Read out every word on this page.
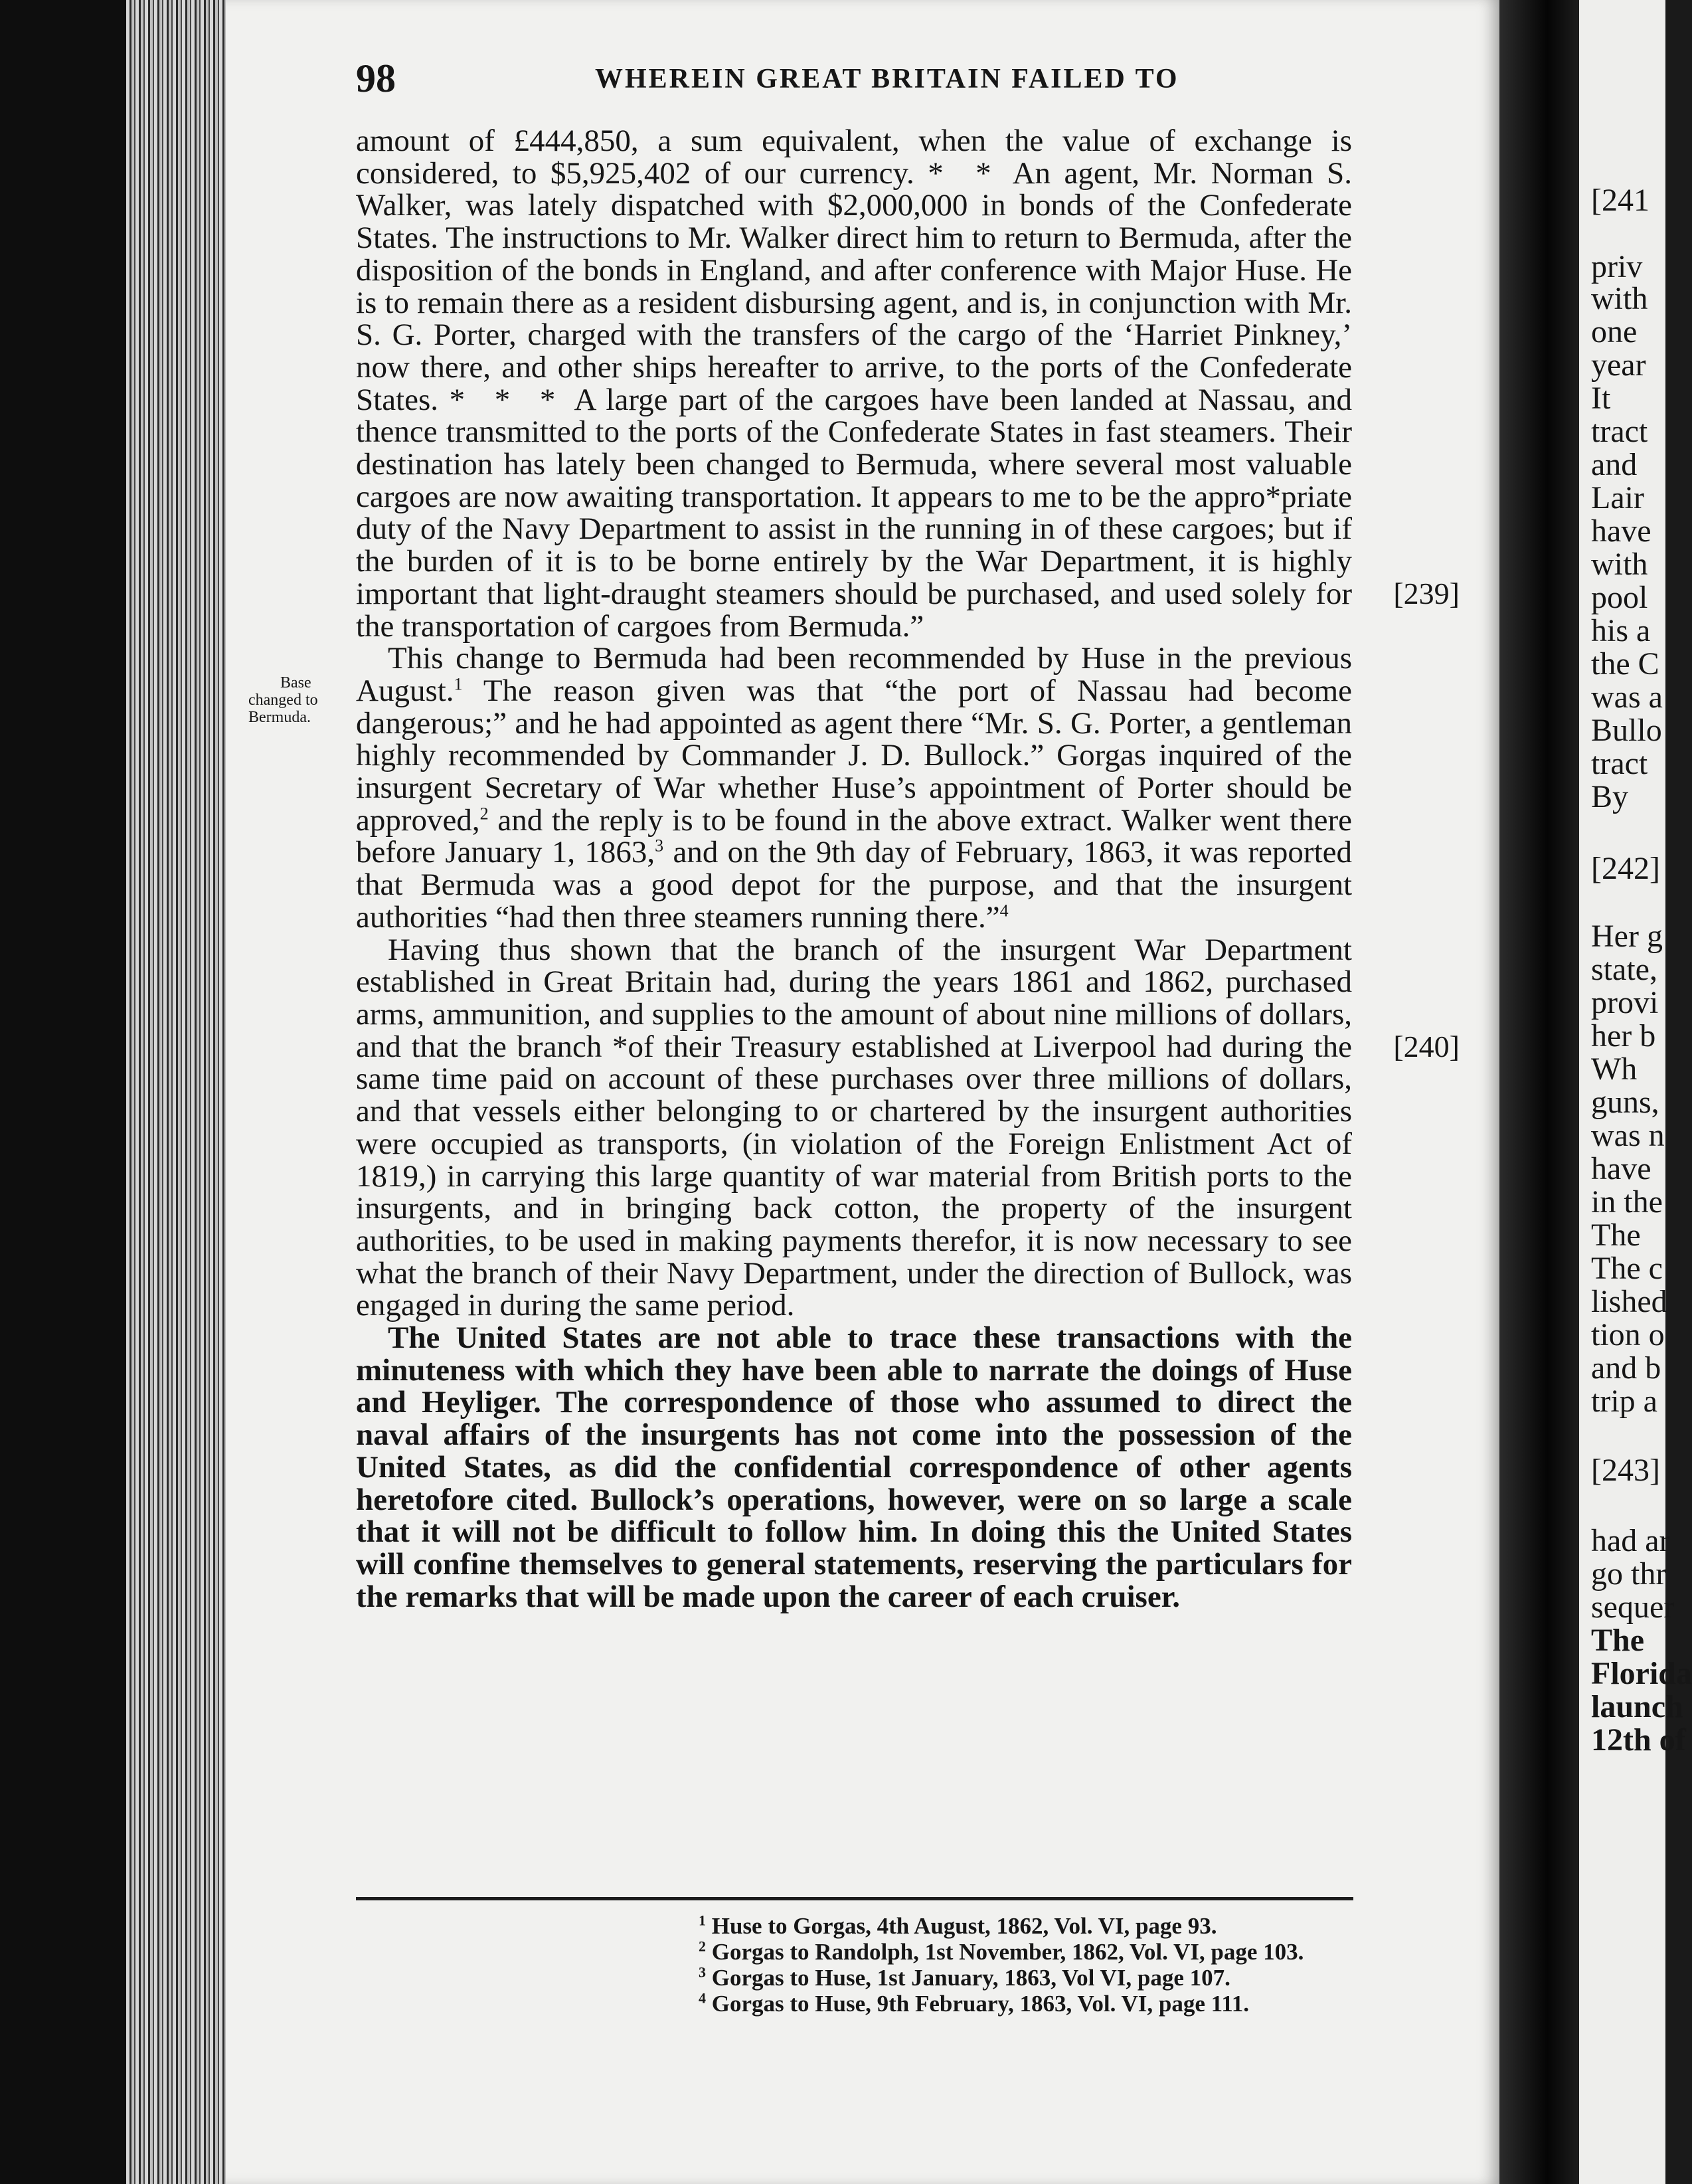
98	WHEREIN GREAT BRITAIN FAILED TO

amount of £444,850, a sum equivalent, when the value of exchange is considered, to $5,925,402 of our currency. * * An agent, Mr. Norman S. Walker, was lately dispatched with $2,000,000 in bonds of the Confederate States. The instructions to Mr. Walker direct him to return to Bermuda, after the disposition of the bonds in England, and after conference with Major Huse. He is to remain there as a resident disbursing agent, and is, in conjunction with Mr. S. G. Porter, charged with the transfers of the cargo of the ‘Harriet Pinkney,’ now there, and other ships hereafter to arrive, to the ports of the Confederate States. * * * A large part of the cargoes have been landed at Nassau, and thence transmitted to the ports of the Confederate States in fast steamers. Their destination has lately been changed to Bermuda, where several most valuable cargoes are now awaiting transportation. It appears to me to be the appro*priate duty of the Navy Department to assist in the running in of these cargoes; but if the burden of it is to be borne entirely by the War Department, it is highly important that light-draught steamers should be purchased, and used solely for the transportation of cargoes from Bermuda.”
[239]

Base changed to Bermuda.
This change to Bermuda had been recommended by Huse in the previous August.$^1$ The reason given was that “the port of Nassau had become dangerous;” and he had appointed as agent there “Mr. S. G. Porter, a gentleman highly recommended by Commander J. D. Bullock.” Gorgas inquired of the insurgent Secretary of War whether Huse’s appointment of Porter should be approved,$^2$ and the reply is to be found in the above extract. Walker went there before January 1, 1863,$^3$ and on the 9th day of February, 1863, it was reported that Bermuda was a good depot for the purpose, and that the insurgent authorities “had then three steamers running there.”$^4$

Having thus shown that the branch of the insurgent War Department established in Great Britain had, during the years 1861 and 1862, purchased arms, ammunition, and supplies to the amount of about nine millions of dollars, and that the branch *of their Treasury established at Liverpool had during the same time paid on account of these purchases over three millions of dollars, and that vessels either belonging to or chartered by the insurgent authorities were occupied as transports, (in violation of the Foreign Enlistment Act of 1819,) in carrying this large quantity of war material from British ports to the insurgents, and in bringing back cotton, the property of the insurgent authorities, to be used in making payments therefor, it is now necessary to see what the branch of their Navy Department, under the direction of Bullock, was engaged in during the same period.
[240]

The United States are not able to trace these transactions with the minuteness with which they have been able to narrate the doings of Huse and Heyliger. The correspondence of those who assumed to direct the naval affairs of the insurgents has not come into the possession of the United States, as did the confidential correspondence of other agents heretofore cited. Bullock’s operations, however, were on so large a scale that it will not be difficult to follow him. In doing this the United States will confine themselves to general statements, reserving the particulars for the remarks that will be made upon the career of each cruiser.

$^1$ Huse to Gorgas, 4th August, 1862, Vol. VI, page 93.
$^2$ Gorgas to Randolph, 1st November, 1862, Vol. VI, page 103.
$^3$ Gorgas to Huse, 1st January, 1863, Vol VI, page 107.
$^4$ Gorgas to Huse, 9th February, 1863, Vol. VI, page 111.
[241
priv
with
one
year
It
tract
and
Lair
have
with
pool
his a
the C
was a
Bullo
tract
By
[242]
Her g
state,
provi
her b
Wh
guns,
was n
have
in the
The
The c
lished
tion o
and b
trip a
[243]
had ar
go thr
sequer
The
Florida
launch
12th of
